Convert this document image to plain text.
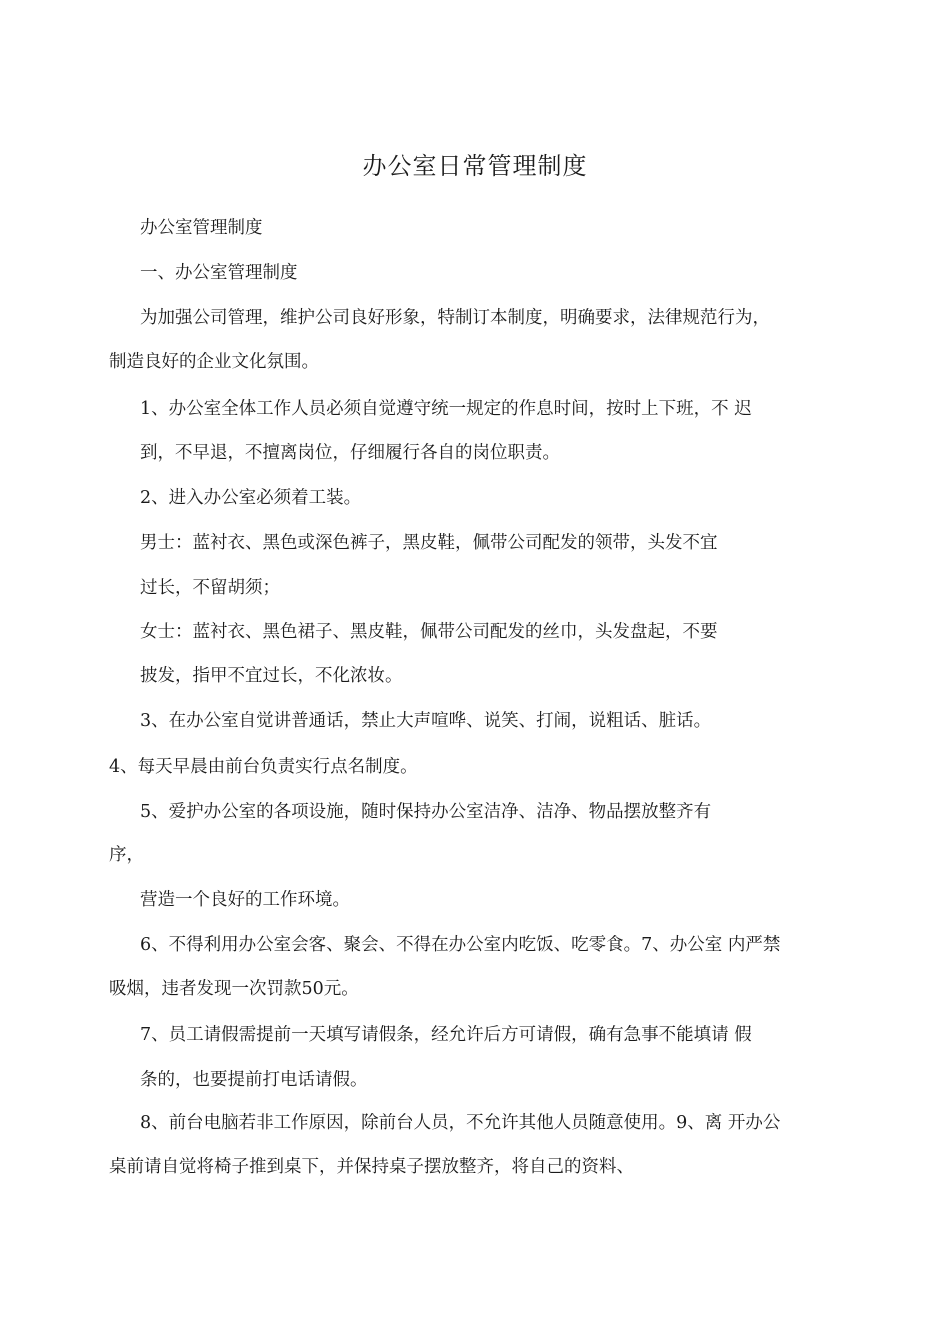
办公室日常管理制度
办公室管理制度
一、办公室管理制度
为加强公司管理，维护公司良好形象，特制订本制度，明确要求，法律规范行为，
制造良好的企业文化氛围。
1、办公室全体工作人员必须自觉遵守统一规定的作息时间，按时上下班，不 迟
到，不早退，不擅离岗位，仔细履行各自的岗位职责。
2、进入办公室必须着工装。
男士：蓝衬衣、黑色或深色裤子，黑皮鞋，佩带公司配发的领带，头发不宜
过长，不留胡须；
女士：蓝衬衣、黑色裙子、黑皮鞋，佩带公司配发的丝巾，头发盘起，不要
披发，指甲不宜过长，不化浓妆。
3、在办公室自觉讲普通话，禁止大声喧哗、说笑、打闹，说粗话、脏话。
4、每天早晨由前台负责实行点名制度。
5、爱护办公室的各项设施，随时保持办公室洁净、洁净、物品摆放整齐有
序，
营造一个良好的工作环境。
6、不得利用办公室会客、聚会、不得在办公室内吃饭、吃零食。7、办公室 内严禁
吸烟，违者发现一次罚款50元。
7、员工请假需提前一天填写请假条，经允许后方可请假，确有急事不能填请 假
条的，也要提前打电话请假。
8、前台电脑若非工作原因，除前台人员，不允许其他人员随意使用。9、离 开办公
桌前请自觉将椅子推到桌下，并保持桌子摆放整齐，将自己的资料、
